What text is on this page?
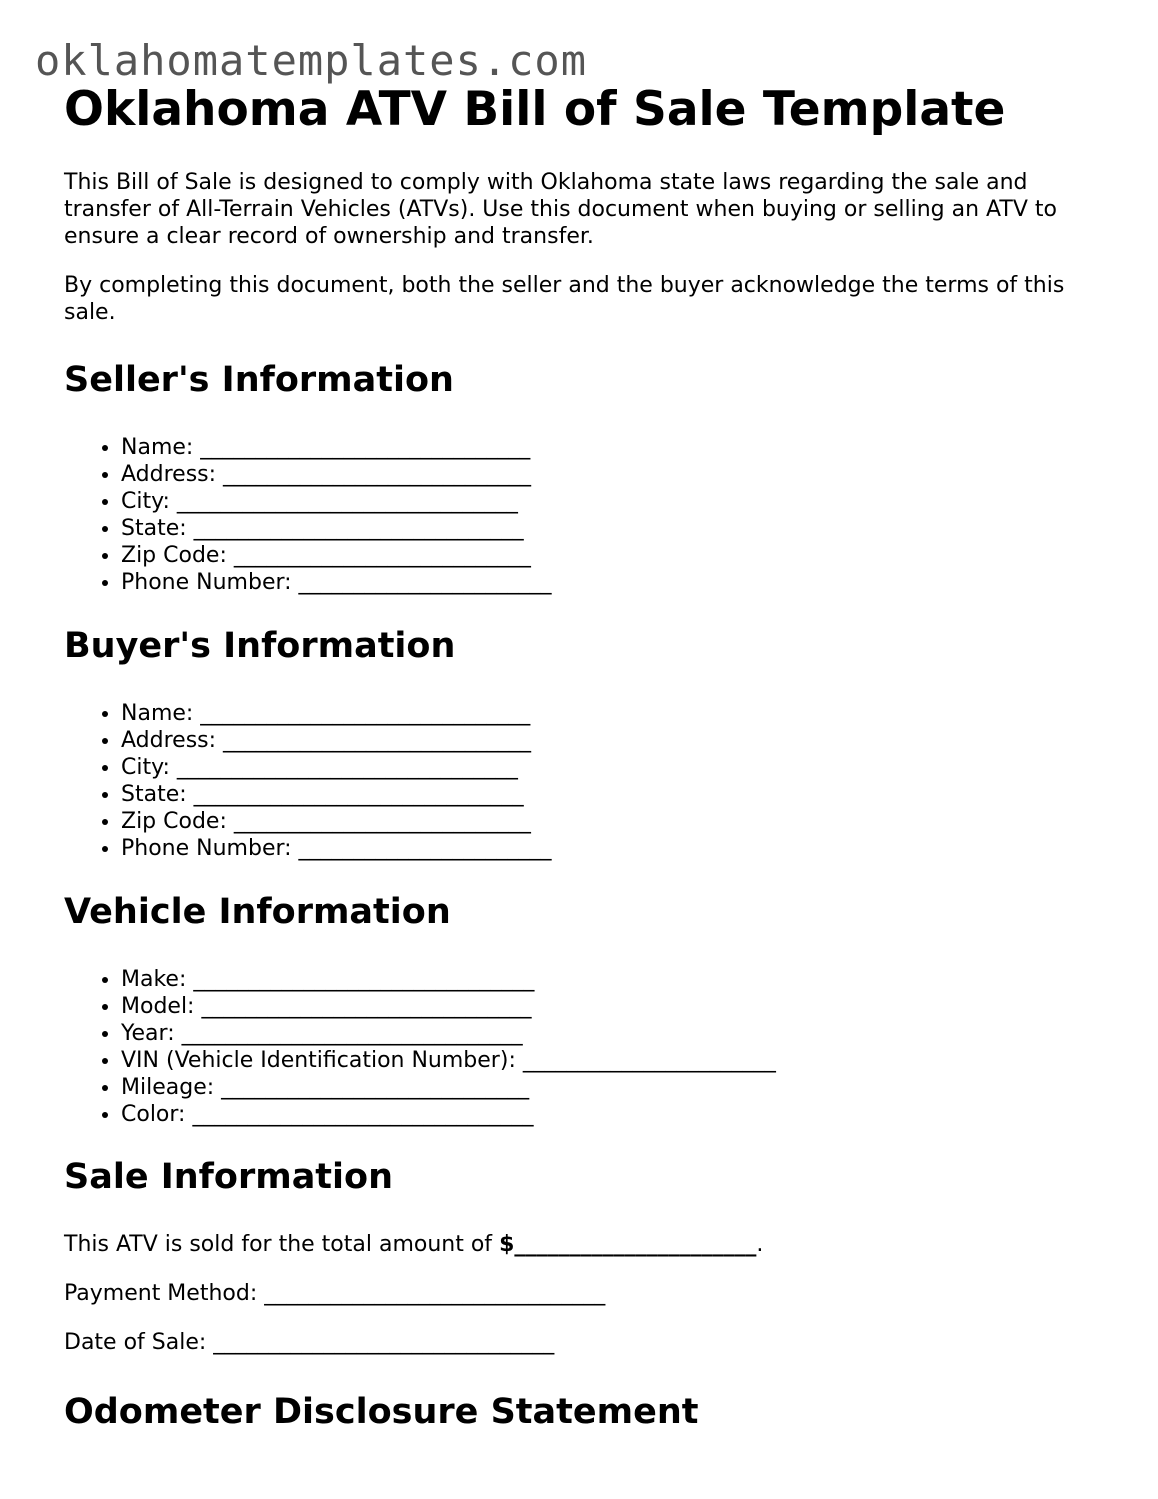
oklahomatemplates.com
Oklahoma ATV Bill of Sale Template

This Bill of Sale is designed to comply with Oklahoma state laws regarding the sale and transfer of All-Terrain Vehicles (ATVs). Use this document when buying or selling an ATV to ensure a clear record of ownership and transfer.

By completing this document, both the seller and the buyer acknowledge the terms of this sale.

Seller's Information
• Name: ______________________________
• Address: ____________________________
• City: _______________________________
• State: ______________________________
• Zip Code: ___________________________
• Phone Number: _______________________
Buyer's Information
• Name: ______________________________
• Address: ____________________________
• City: _______________________________
• State: ______________________________
• Zip Code: ___________________________
• Phone Number: _______________________
Vehicle Information
• Make: _______________________________
• Model: ______________________________
• Year: _______________________________
• VIN (Vehicle Identification Number): _______________________
• Mileage: ____________________________
• Color: _______________________________
Sale Information

This ATV is sold for the total amount of $______________________.

Payment Method: _______________________________

Date of Sale: _______________________________

Odometer Disclosure Statement
